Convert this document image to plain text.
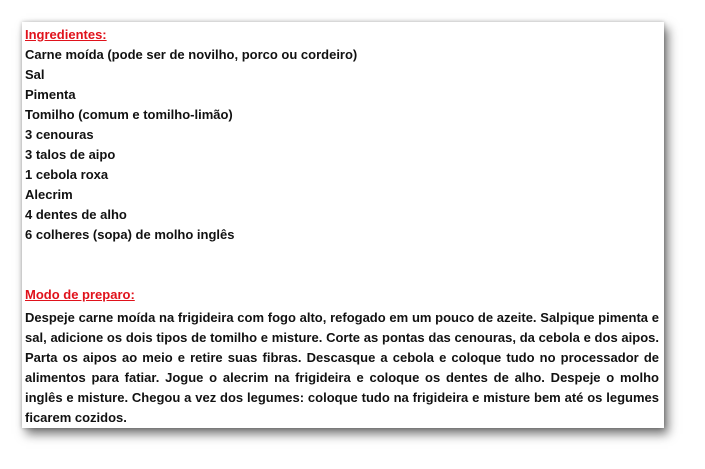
Ingredientes:
Carne moída (pode ser de novilho, porco ou cordeiro)
Sal
Pimenta
Tomilho (comum e tomilho-limão)
3 cenouras
3 talos de aipo
1 cebola roxa
Alecrim
4 dentes de alho
6 colheres (sopa) de molho inglês
Modo de preparo:

Despeje carne moída na frigideira com fogo alto, refogado em um pouco de azeite. Salpique pimenta e sal, adicione os dois tipos de tomilho e misture. Corte as pontas das cenouras, da cebola e dos aipos. Parta os aipos ao meio e retire suas fibras. Descasque a cebola e coloque tudo no processador de alimentos para fatiar. Jogue o alecrim na frigideira e coloque os dentes de alho. Despeje o molho inglês e misture. Chegou a vez dos legumes: coloque tudo na frigideira e misture bem até os legumes ficarem cozidos.
